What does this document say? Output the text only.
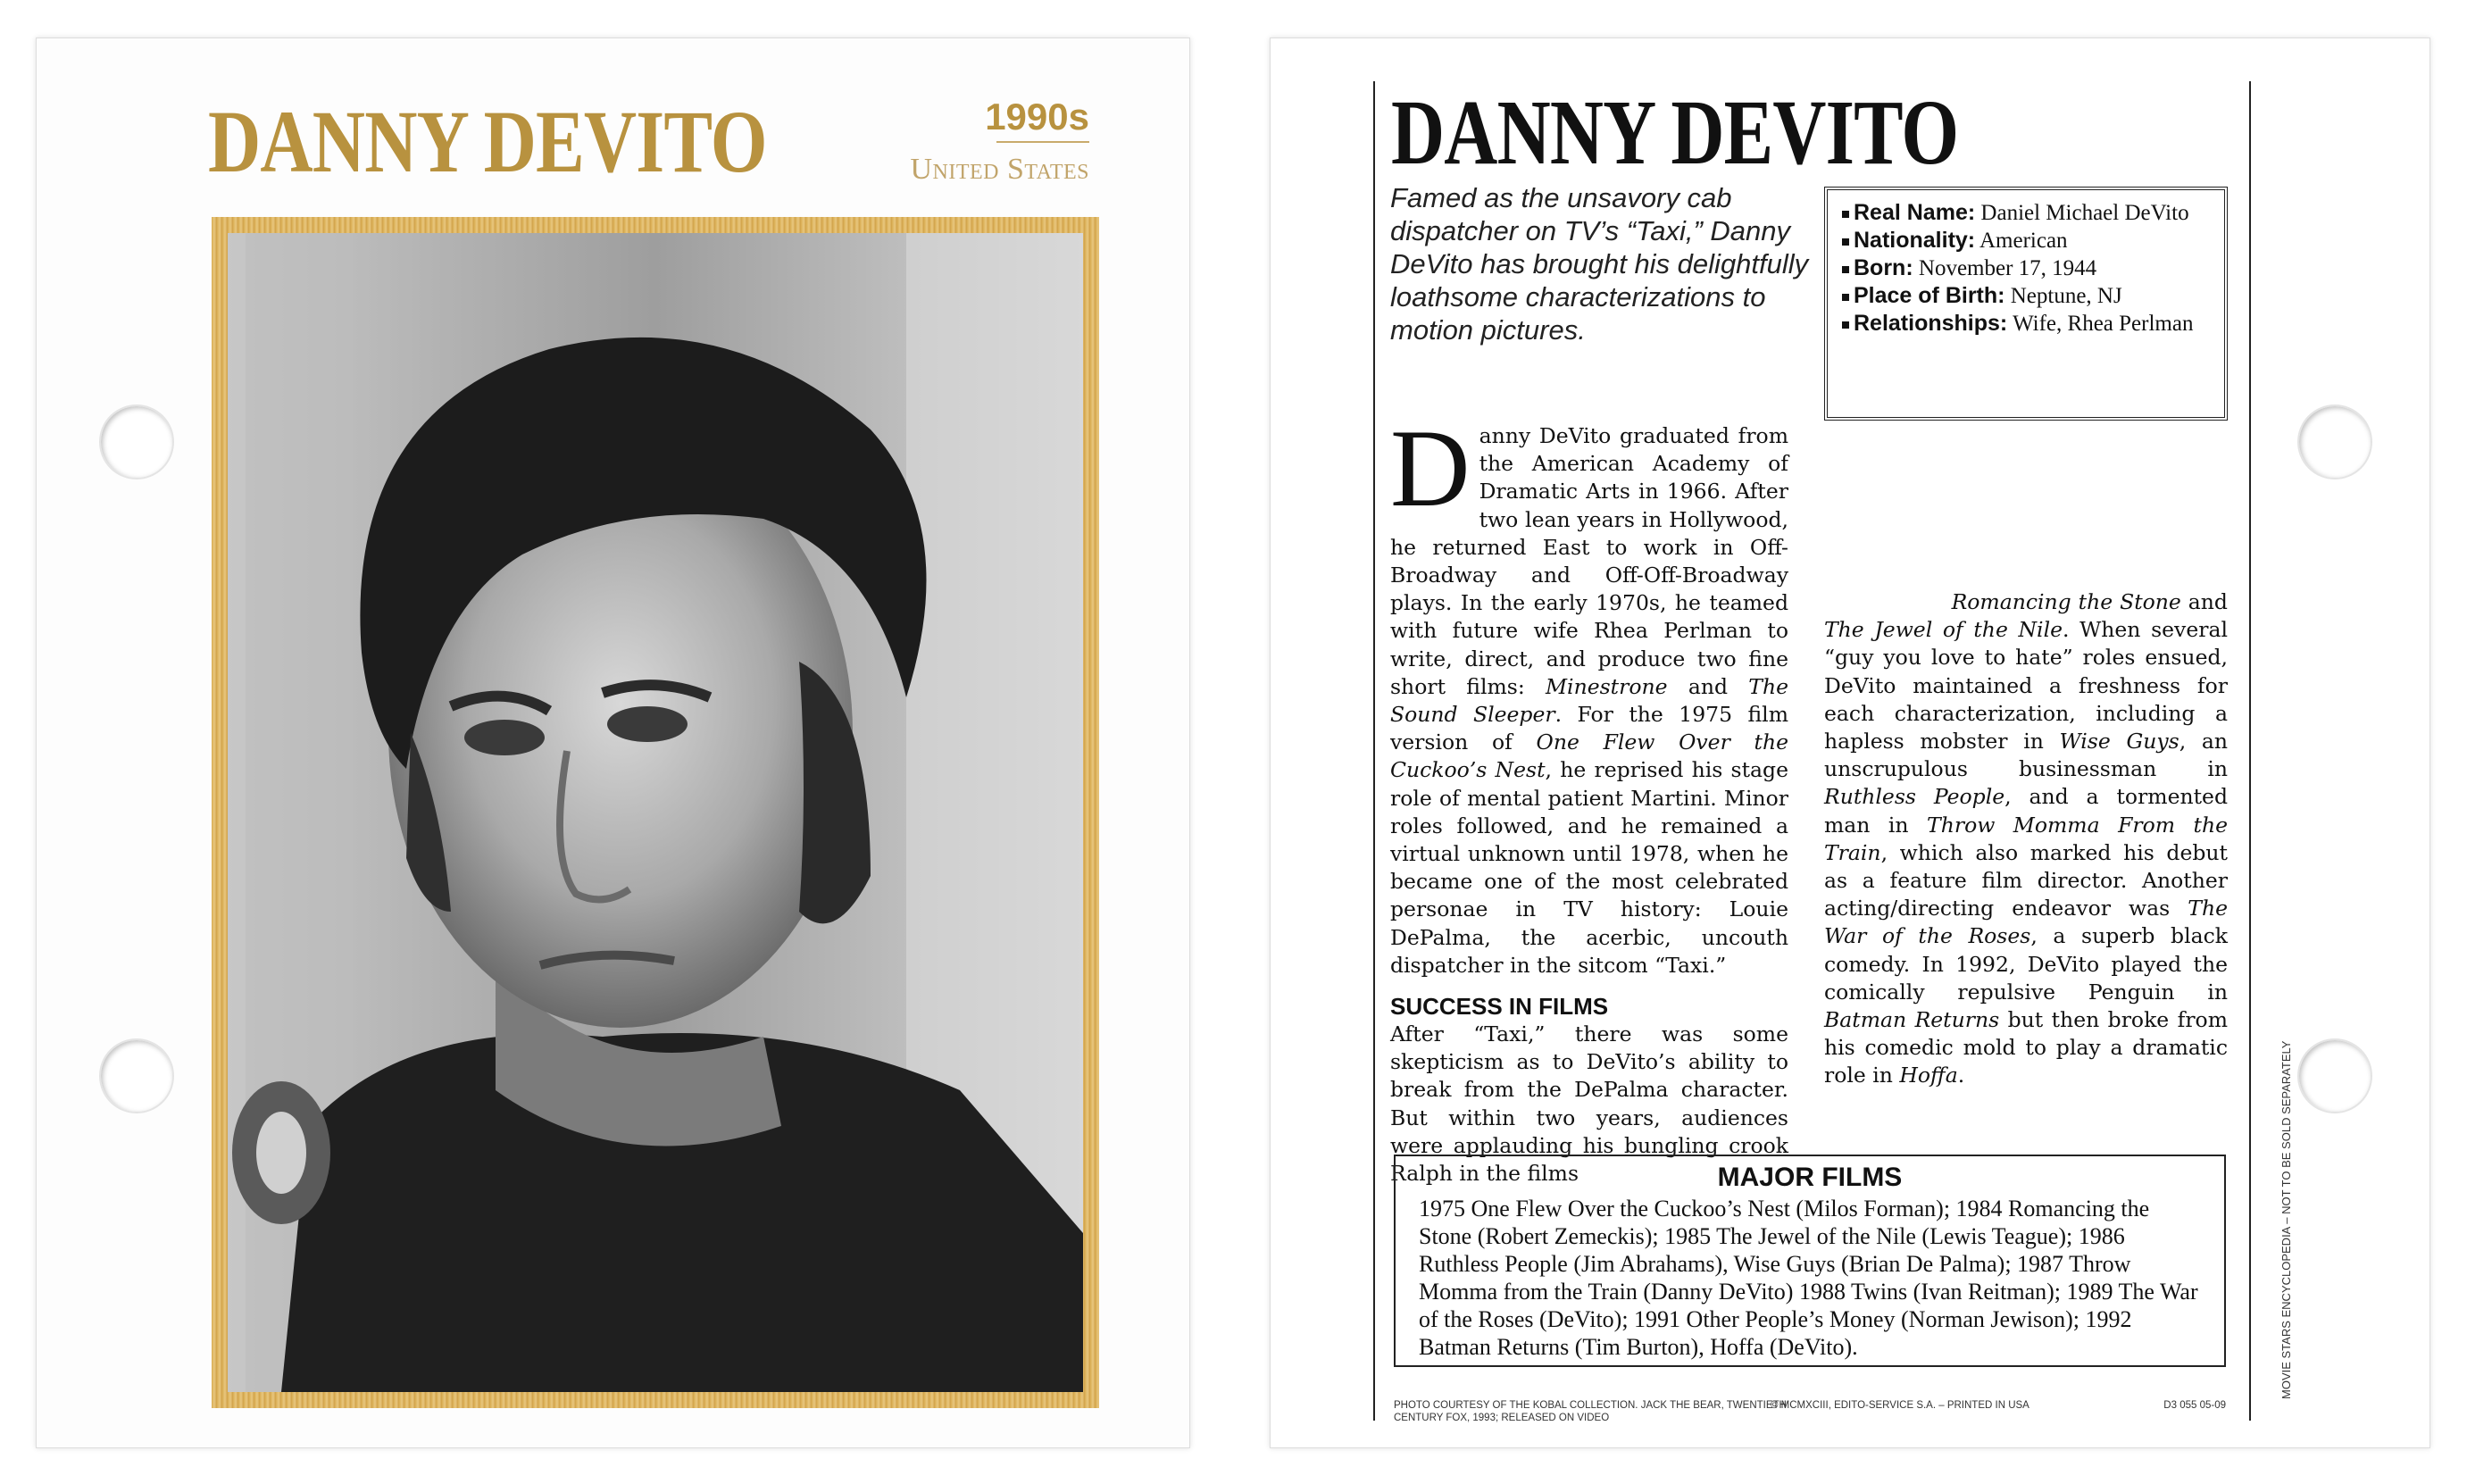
DANNY DEVITO	1990s
United States	DANNY DEVITO
Famed as the unsavory cab dispatcher on TV’s “Taxi,” Danny DeVito has brought his delightfully loathsome characterizations to motion pictures.
Real Name: Daniel Michael DeVito
Nationality: American
Born: November 17, 1944
Place of Birth: Neptune, NJ
Relationships: Wife, Rhea Perlman
Danny DeVito graduated from the American Academy of Dramatic Arts in 1966. After two lean years in Hollywood, he returned East to work in Off-Broadway and Off-Off-Broadway plays. In the early 1970s, he teamed with future wife Rhea Perlman to write, direct, and produce two fine short films: Minestrone and The Sound Sleeper. For the 1975 film version of One Flew Over the Cuckoo’s Nest, he reprised his stage role of mental patient Martini. Minor roles followed, and he remained a virtual unknown until 1978, when he became one of the most celebrated personae in TV history: Louie DePalma, the acerbic, uncouth dispatcher in the sitcom “Taxi.”
SUCCESS IN FILMS
After “Taxi,” there was some skepticism as to DeVito’s ability to break from the DePalma character. But within two years, audiences were applauding his bungling crook Ralph in the films
Romancing the Stone and The Jewel of the Nile. When several “guy you love to hate” roles ensued, DeVito maintained a freshness for each characterization, including a hapless mobster in Wise Guys, an unscrupulous businessman in Ruthless People, and a tormented man in Throw Momma From the Train, which also marked his debut as a feature film director. Another acting/directing endeavor was The War of the Roses, a superb black comedy. In 1992, DeVito played the comically repulsive Penguin in Batman Returns but then broke from his comedic mold to play a dramatic role in Hoffa.
MAJOR FILMS
1975 One Flew Over the Cuckoo’s Nest (Milos Forman); 1984 Romancing the Stone (Robert Zemeckis); 1985 The Jewel of the Nile (Lewis Teague); 1986 Ruthless People (Jim Abrahams), Wise Guys (Brian De Palma); 1987 Throw Momma from the Train (Danny DeVito) 1988 Twins (Ivan Reitman); 1989 The War of the Roses (DeVito); 1991 Other People’s Money (Norman Jewison); 1992 Batman Returns (Tim Burton), Hoffa (DeVito).
PHOTO COURTESY OF THE KOBAL COLLECTION. JACK THE BEAR, TWENTIETH CENTURY FOX, 1993; RELEASED ON VIDEO
© MCMXCIII, EDITO-SERVICE S.A. – PRINTED IN USA	D3 055 05-09
MOVIE STARS ENCYCLOPEDIA – NOT TO BE SOLD SEPARATELY
